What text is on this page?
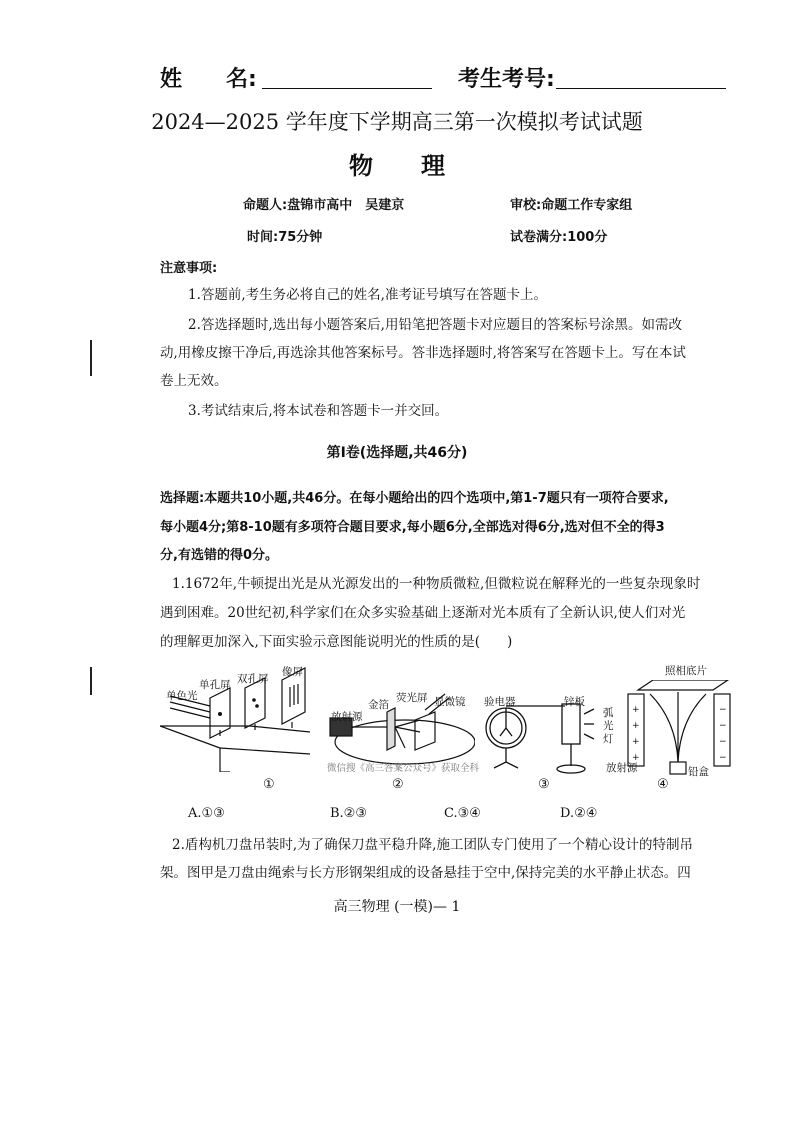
姓　　名:	考生考号:
2024—2025 学年度下学期高三第一次模拟考试试题
物　　理
命题人:盘锦市高中　吴建京	审校:命题工作专家组
时间:75分钟	试卷满分:100分
注意事项:
1.答题前,考生务必将自己的姓名,准考证号填写在答题卡上。
2.答选择题时,选出每小题答案后,用铅笔把答题卡对应题目的答案标号涂黑。如需改
动,用橡皮擦干净后,再选涂其他答案标号。答非选择题时,将答案写在答题卡上。写在本试
卷上无效。
3.考试结束后,将本试卷和答题卡一并交回。
第Ⅰ卷(选择题,共46分)
选择题:本题共10小题,共46分。在每小题给出的四个选项中,第1-7题只有一项符合要求,
每小题4分;第8-10题有多项符合题目要求,每小题6分,全部选对得6分,选对但不全的得3
分,有选错的得0分。
1.1672年,牛顿提出光是从光源发出的一种物质微粒,但微粒说在解释光的一些复杂现象时
遇到困难。20世纪初,科学家们在众多实验基础上逐渐对光本质有了全新认识,使人们对光
的理解更加深入,下面实验示意图能说明光的性质的是(　　)
单色光
单孔屏 双孔屏
像屏
①
放射源
金箔
荧光屏 显微镜
微信搜《高三答案公众号》获取全科
②
验电器	锌板
弧光灯
③
+
+
+
+
−
−
−
−
照相底片
放射源	铅盒
④
A.①③	B.②③	C.③④	D.②④
2.盾构机刀盘吊装时,为了确保刀盘平稳升降,施工团队专门使用了一个精心设计的特制吊
架。图甲是刀盘由绳索与长方形钢架组成的设备悬挂于空中,保持完美的水平静止状态。四
高三物理 (一模)— 1
